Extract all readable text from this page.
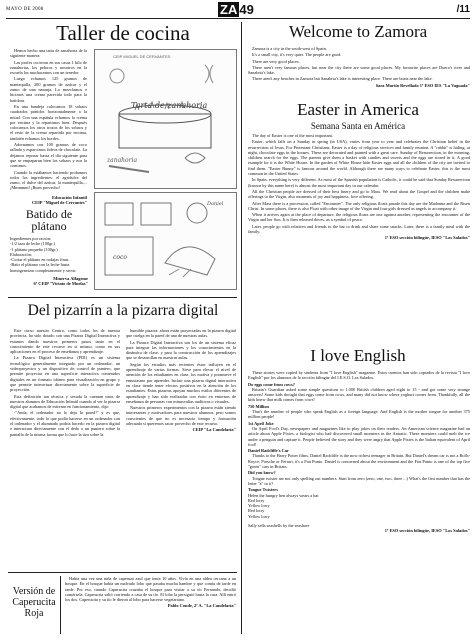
MAYO DE 2008	ZA 49	/11
Taller de cocina

Hemos hecho una tarta de zanahoria de la siguiente manera:

Las profes cocieron en sus casas 1 kilo de zanahorias, los peloros y nosotros en la escuela las machacamos con un tenedor.

Luego echamos 125 gramos de mantequilla, 200 gramos de azúcar y el zumo de una naranja. Lo mezclamos e hicimos una crema parecida todo para la batidora.

En una bandeja colocamos 18 sobaos cuadrados partidos horizontalmente a la mitad. Con una espátula echamos la crema por encima y la repartimos bien. Después colocamos los otros trozos de los sobaos y el resto de la crema repartida por encima, también echamos los bordes.

Adornamos con 100 gramos de coco rallado y esparcimos fideos de chocolate. La dejamos reposar hasta el día siguiente para que se empaparan bien los sobaos y nos la comimos.

Cuando la estábamos haciendo probamos todos los ingredientes: el agridulce del zumo, el dulce del azúcar, la mantequilla,... ¡Mmmmm! ¡Buen provecho!

Educación Infantil
CEIP "Miguel de Cervantes"
CEIP MIGUEL DE CERVANTES
Tarta de zanahoria
zanahoria
Daniel
coco
Batido de plátano
Ingredientes por ración:
-1/2 taza de leche (100gr.)
-1 plátano pequeño (100gr.)
Elaboración:
-Cortar el plátano en rodajas finas.
-Batir el plátano con la leche hasta homogeneizar completamente y servir.
Minerva Alfageme
6º CEIP "Viriato de Muelas"
Del pizarrín a la pizarra digital

Este curso nuestro Centro, como todos los de nuestra provincia, ha sido dotado con una Pizarra Digital Interactiva y estamos dando nuestros primeros pasos tanto en el conocimiento de este recurso en sí mismo, como en sus aplicaciones en el proceso de enseñanza y aprendizaje.

La Pizarra Digital Interactiva (PDI) es un sistema tecnológico generalmente integrado por un ordenador, un videoproyector y un dispositivo de control de puntero, que permite proyectar en una superficie interactiva contenidos digitales en un formato idóneo para visualización en grupo y que permite interactuar directamente sobre la superficie de proyección.

Esta definición tan técnica y sesuda la cuentan unos de nuestros alumnos de Educación Infantil cuando al ver la pizarra digital que acabamos de estrenar en funcionamiento, dijo:

-"Anda, el ordenador no lo deja la pared!" y es que, efectivamente, todo lo que podía hacerse en un ordenador con el ordenador y el alumnado podría hacerlo en la pizarra digital e interactuar directamente con el dedo o un puntero sobre la pantalla de la misma forma que lo hace la tiza sobre la

humilde pizarra: ahora están proyectadas en la pizarra digital que cuelga en la pared de una de nuestras aulas.

La Pizarra Digital Interactiva son los de un sistema eficaz para integrar las informaciones y los conocimientos en la dinámica de clase, y para la construcción de los aprendizajes que se desarrollan en nuestras aulas.

Según los estudios más recientes éstas influyen en el aprendizaje de varias formas. Sirve para elevar el nivel de atención de los estudiantes en clase, los motiva y promueve el entusiasmo por aprender. Incluir una pizarra digital interactiva en clase tiende tener efectos positivos en la atención de los estudiantes. Estas pizarras apoyan muchos estilos diferentes de aprendizaje y han sido realizadas con éxito en entornos de enseñanza de personas con minusvalías auditivas o visuales.

Nuestros primeros experimentos con la pizarra están siendo interesantes y motivadores para nuestros alumnos, pero somos conscientes de que no es necesario tiempo y formación adecuada si queremos sacar provecho de este recurso.

CEIP "La Candelaria"
Versión de Caperucita Roja

Había una vez una niña de caperuza azul que tenía 10 años. Vivía en una aldea cercana a un bosque. En el bosque había un malvado lobo que pasaba mucha hambre y que comía de tarde en tarde. Por eso, cuando Caperucita cruzaba el bosque para visitar a su tío Fernando, decidió comérsela. Caperucita salió corriendo a casa de su tío. El lobo la persiguió hasta la casa. Allí entró los dos. Caperucita y su tío le dieron al lobo para hacerse vegetariano.

Pablo Conde, 2º A. "La Candelaria"
Welcome to Zamora

Zamora is a city in the south-west of Spain.

It's a small city, it's very quiet. The people are good.

There are very good places.

There aren't very famous places, but near the city there are some good places. My favourite places are Duero's river and Sanabria's lake.

There aren't any beaches in Zamora but Sanabria's lake is interesting place. There are boats near the lake.

Sara Martín Revellado 1º ESO IES "La Vaguada"
Easter in America
Semana Santa en América

The day of Easter is one of the most important.

Easter, which falls on a Sunday in spring (in USA), varies from year to year and celebrates the Christian belief in the resurrection of Jesus. For Protestant Christians, Easter is a day of religious services and family reunion. A "rabbit" is hiding, at night, chocolate eggs in the houses. These are decorated and painted with a great care. Sunday of Resurrection, in the morning, children search for the eggs. The parents give them a basket with candies and sweets and the eggs are stored in it. A good example for it is the White House. In the garden of White House hide Easter eggs and all the children of the city are invited to find them. "Easter Bunny" is famous around the world. Although there are many ways to celebrate Easter, this is the most common in the United States.

In Spain, everything is very different. As most of the Spanish population is Catholic, it could be said that Sunday Resurrection (known by this name here) is almost the most important day in our calendar.

All the Christian people are dressed of their best finery and go to Mass. We read about the Gospel and the children make offerings to the Virgin, also moments of joy and happiness, love offering.

After Mass there is a procession, called "Encounter". The only religious floats parade this day are the Madonna and the Risen Christ. In some places, there is also Float with other image of the Virgin and four girls dressed as angels to accompany it.

When it arrives again at the place of departure, the religious floats are one against another, representing the encounter of the Virgin and her Son. It is then released doves, as a symbol of peace.

Later, people go with relatives and friends to the bar to drink and share some snacks. Later, there is a family meal with the family.

1º ESO sección bilingüe, IESO "Los Salados"
I love English

These stories were copied by students from "I love English" magazine. Estos cuentos han sido copiados de la revista "I love English" por los alumnos de la sección bilingüe del I.E.S.O. Los Salados.

Do eggs come from cows?

Britain's Guardian asked some simple questions to 1.000 British children aged eight to 15 - and got some very strange answers! Some kids thought that eggs come from cows, and many did not know where yoghurt comes from. Thankfully, all the kids knew that milk comes from cows!

750 Million

That's the number of people who speak English as a foreign language. And English is the mother tongue for another 375 million people!

1st April Joke

On April Fool's Day, newspapers and magazines like to play jokes on their readers. An American science magazine had an article about Apple Pixies, a biologist who had discovered small monsters in the Antartic. These monsters could melt the ice under a penguin and capture it. People believed the story and they were angry that Apple Pixies is the Italian equivalent of April fool!

Daniel Radcliffe's Car

Thanks to the Harry Potter films, Daniel Radcliffe is the now richest teenager in Britain. But Daniel's dream car is not a Rolls-Royce, Porsche or Ferrari, it's a Fiat Punto. Daniel is concerned about the environment and the Fiat Punto is one of the top five "green" cars in Britain.

Did you know?

Tongue twister are not only spelling out numbers. Start from zero (zero, one, two, three ...) What's the first number that has the letter "a" in it?

Tongue Twisters
Helen the hungry hen always wears a hat
Red lorry
Yellow lorry
Red lorry
Yellow lorry
Sally sells seashells by the seashore
1º ESO sección bilingüe, IESO "Los Salados"
